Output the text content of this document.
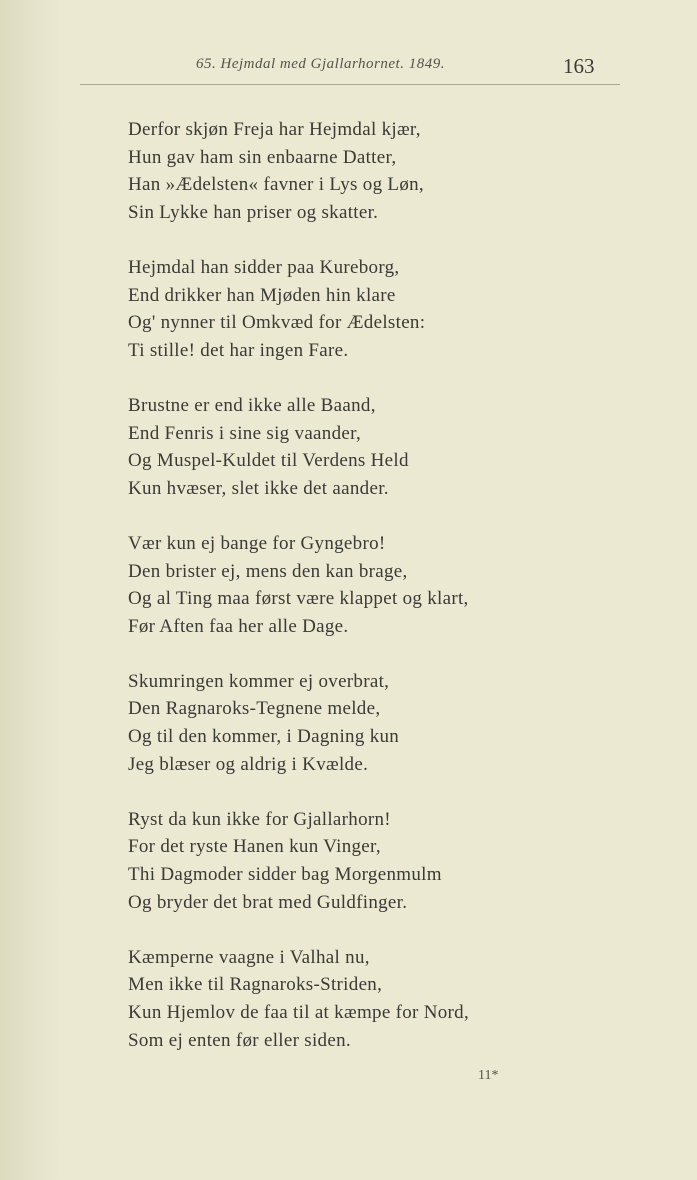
65. Hejmdal med Gjallarhornet. 1849.	163
Derfor skjøn Freja har Hejmdal kjær,
Hun gav ham sin enbaarne Datter,
Han »Ædelsten« favner i Lys og Løn,
Sin Lykke han priser og skatter.
Hejmdal han sidder paa Kureborg,
End drikker han Mjøden hin klare
Og' nynner til Omkvæd for Ædelsten:
Ti stille! det har ingen Fare.
Brustne er end ikke alle Baand,
End Fenris i sine sig vaander,
Og Muspel-Kuldet til Verdens Held
Kun hvæser, slet ikke det aander.
Vær kun ej bange for Gyngebro!
Den brister ej, mens den kan brage,
Og al Ting maa først være klappet og klart,
Før Aften faa her alle Dage.
Skumringen kommer ej overbrat,
Den Ragnaroks-Tegnene melde,
Og til den kommer, i Dagning kun
Jeg blæser og aldrig i Kvælde.
Ryst da kun ikke for Gjallarhorn!
For det ryste Hanen kun Vinger,
Thi Dagmoder sidder bag Morgenmulm
Og bryder det brat med Guldfinger.
Kæmperne vaagne i Valhal nu,
Men ikke til Ragnaroks-Striden,
Kun Hjemlov de faa til at kæmpe for Nord,
Som ej enten før eller siden.
11*
